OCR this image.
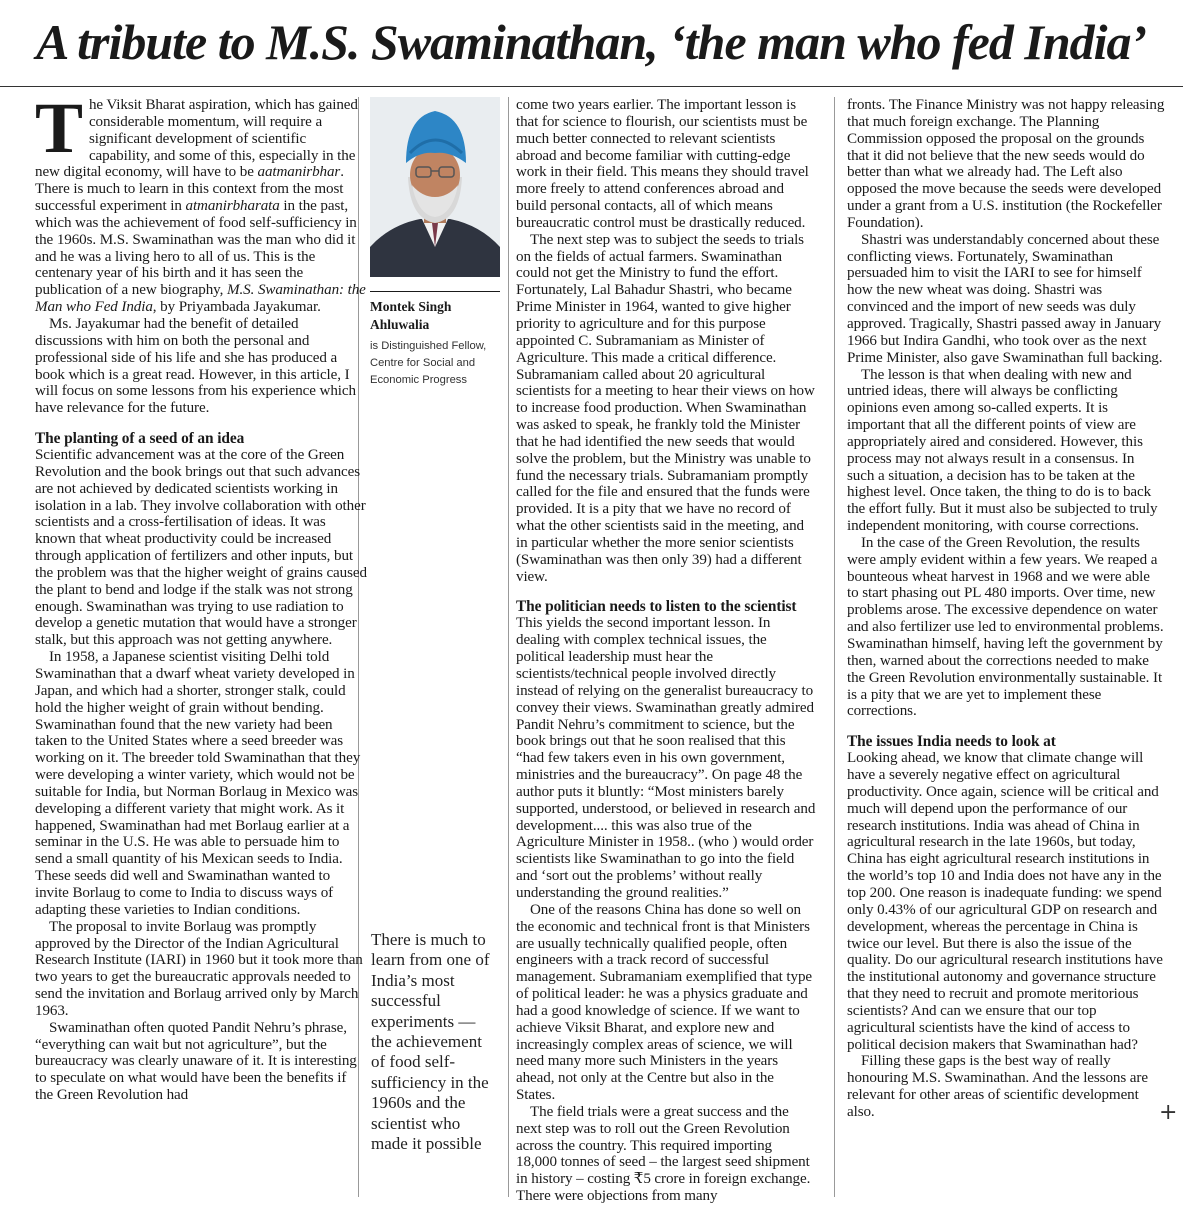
A tribute to M.S. Swaminathan, ‘the man who fed India’

The Viksit Bharat aspiration, which has gained considerable momentum, will require a significant development of scientific capability, and some of this, especially in the new digital economy, will have to be aatmanirbhar. There is much to learn in this context from the most successful experiment in atmanirbharata in the past, which was the achievement of food self-sufficiency in the 1960s. M.S. Swaminathan was the man who did it and he was a living hero to all of us. This is the centenary year of his birth and it has seen the publication of a new biography, M.S. Swaminathan: the Man who Fed India, by Priyambada Jayakumar.

Ms. Jayakumar had the benefit of detailed discussions with him on both the personal and professional side of his life and she has produced a book which is a great read. However, in this article, I will focus on some lessons from his experience which have relevance for the future.

The planting of a seed of an idea

Scientific advancement was at the core of the Green Revolution and the book brings out that such advances are not achieved by dedicated scientists working in isolation in a lab. They involve collaboration with other scientists and a cross-fertilisation of ideas. It was known that wheat productivity could be increased through application of fertilizers and other inputs, but the problem was that the higher weight of grains caused the plant to bend and lodge if the stalk was not strong enough. Swaminathan was trying to use radiation to develop a genetic mutation that would have a stronger stalk, but this approach was not getting anywhere.

In 1958, a Japanese scientist visiting Delhi told Swaminathan that a dwarf wheat variety developed in Japan, and which had a shorter, stronger stalk, could hold the higher weight of grain without bending. Swaminathan found that the new variety had been taken to the United States where a seed breeder was working on it. The breeder told Swaminathan that they were developing a winter variety, which would not be suitable for India, but Norman Borlaug in Mexico was developing a different variety that might work. As it happened, Swaminathan had met Borlaug earlier at a seminar in the U.S. He was able to persuade him to send a small quantity of his Mexican seeds to India. These seeds did well and Swaminathan wanted to invite Borlaug to come to India to discuss ways of adapting these varieties to Indian conditions.

The proposal to invite Borlaug was promptly approved by the Director of the Indian Agricultural Research Institute (IARI) in 1960 but it took more than two years to get the bureaucratic approvals needed to send the invitation and Borlaug arrived only by March 1963.

Swaminathan often quoted Pandit Nehru’s phrase, “everything can wait but not agriculture”, but the bureaucracy was clearly unaware of it. It is interesting to speculate on what would have been the benefits if the Green Revolution had

Montek Singh
Ahluwalia
is Distinguished Fellow, Centre for Social and Economic Progress
There is much to learn from one of India’s most successful experiments — the achievement of food self-sufficiency in the 1960s and the scientist who made it possible

come two years earlier. The important lesson is that for science to flourish, our scientists must be much better connected to relevant scientists abroad and become familiar with cutting-edge work in their field. This means they should travel more freely to attend conferences abroad and build personal contacts, all of which means bureaucratic control must be drastically reduced.

The next step was to subject the seeds to trials on the fields of actual farmers. Swaminathan could not get the Ministry to fund the effort. Fortunately, Lal Bahadur Shastri, who became Prime Minister in 1964, wanted to give higher priority to agriculture and for this purpose appointed C. Subramaniam as Minister of Agriculture. This made a critical difference. Subramaniam called about 20 agricultural scientists for a meeting to hear their views on how to increase food production. When Swaminathan was asked to speak, he frankly told the Minister that he had identified the new seeds that would solve the problem, but the Ministry was unable to fund the necessary trials. Subramaniam promptly called for the file and ensured that the funds were provided. It is a pity that we have no record of what the other scientists said in the meeting, and in particular whether the more senior scientists (Swaminathan was then only 39) had a different view.

The politician needs to listen to the scientist

This yields the second important lesson. In dealing with complex technical issues, the political leadership must hear the scientists/technical people involved directly instead of relying on the generalist bureaucracy to convey their views. Swaminathan greatly admired Pandit Nehru’s commitment to science, but the book brings out that he soon realised that this “had few takers even in his own government, ministries and the bureaucracy”. On page 48 the author puts it bluntly: “Most ministers barely supported, understood, or believed in research and development.... this was also true of the Agriculture Minister in 1958.. (who ) would order scientists like Swaminathan to go into the field and ‘sort out the problems’ without really understanding the ground realities.”

One of the reasons China has done so well on the economic and technical front is that Ministers are usually technically qualified people, often engineers with a track record of successful management. Subramaniam exemplified that type of political leader: he was a physics graduate and had a good knowledge of science. If we want to achieve Viksit Bharat, and explore new and increasingly complex areas of science, we will need many more such Ministers in the years ahead, not only at the Centre but also in the States.

The field trials were a great success and the next step was to roll out the Green Revolution across the country. This required importing 18,000 tonnes of seed – the largest seed shipment in history – costing ₹5 crore in foreign exchange. There were objections from many

fronts. The Finance Ministry was not happy releasing that much foreign exchange. The Planning Commission opposed the proposal on the grounds that it did not believe that the new seeds would do better than what we already had. The Left also opposed the move because the seeds were developed under a grant from a U.S. institution (the Rockefeller Foundation).

Shastri was understandably concerned about these conflicting views. Fortunately, Swaminathan persuaded him to visit the IARI to see for himself how the new wheat was doing. Shastri was convinced and the import of new seeds was duly approved. Tragically, Shastri passed away in January 1966 but Indira Gandhi, who took over as the next Prime Minister, also gave Swaminathan full backing.

The lesson is that when dealing with new and untried ideas, there will always be conflicting opinions even among so-called experts. It is important that all the different points of view are appropriately aired and considered. However, this process may not always result in a consensus. In such a situation, a decision has to be taken at the highest level. Once taken, the thing to do is to back the effort fully. But it must also be subjected to truly independent monitoring, with course corrections.

In the case of the Green Revolution, the results were amply evident within a few years. We reaped a bounteous wheat harvest in 1968 and we were able to start phasing out PL 480 imports. Over time, new problems arose. The excessive dependence on water and also fertilizer use led to environmental problems. Swaminathan himself, having left the government by then, warned about the corrections needed to make the Green Revolution environmentally sustainable. It is a pity that we are yet to implement these corrections.

The issues India needs to look at

Looking ahead, we know that climate change will have a severely negative effect on agricultural productivity. Once again, science will be critical and much will depend upon the performance of our research institutions. India was ahead of China in agricultural research in the late 1960s, but today, China has eight agricultural research institutions in the world’s top 10 and India does not have any in the top 200. One reason is inadequate funding: we spend only 0.43% of our agricultural GDP on research and development, whereas the percentage in China is twice our level. But there is also the issue of the quality. Do our agricultural research institutions have the institutional autonomy and governance structure that they need to recruit and promote meritorious scientists? And can we ensure that our top agricultural scientists have the kind of access to political decision makers that Swaminathan had?

Filling these gaps is the best way of really honouring M.S. Swaminathan. And the lessons are relevant for other areas of scientific development also.	+
